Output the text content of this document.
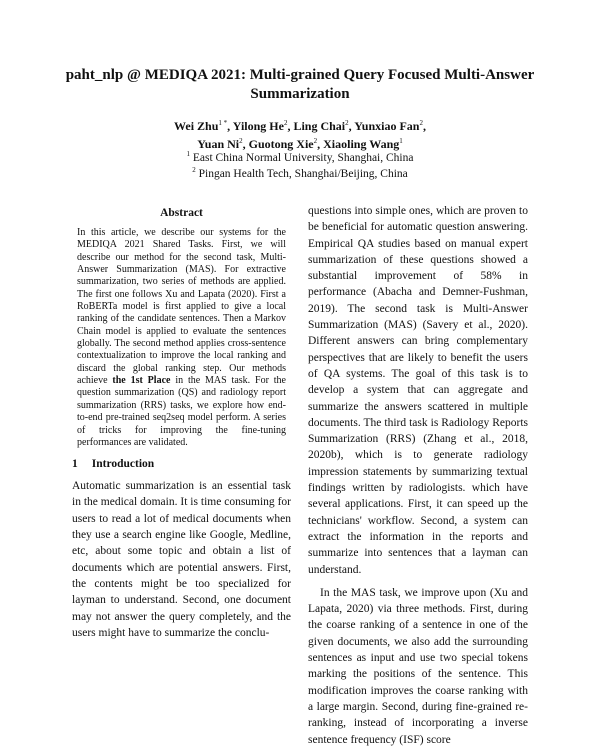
paht_nlp @ MEDIQA 2021: Multi-grained Query Focused Multi-Answer
Summarization
Wei Zhu$^{1 *}$, Yilong He$^2$, Ling Chai$^2$, Yunxiao Fan$^2$,
Yuan Ni$^2$, Guotong Xie$^2$, Xiaoling Wang$^1$
$^1$ East China Normal University, Shanghai, China
$^2$ Pingan Health Tech, Shanghai/Beijing, China
Abstract
In this article, we describe our systems for the MEDIQA 2021 Shared Tasks. First, we will describe our method for the second task, Multi-Answer Summarization (MAS). For extractive summarization, two series of methods are applied. The first one follows Xu and Lapata (2020). First a RoBERTa model is first applied to give a local ranking of the candidate sentences. Then a Markov Chain model is applied to evaluate the sentences globally. The second method applies cross-sentence contextualization to improve the local ranking and discard the global ranking step. Our methods achieve the 1st Place in the MAS task. For the question summarization (QS) and radiology report summarization (RRS) tasks, we explore how end-to-end pre-trained seq2seq model perform. A series of tricks for improving the fine-tuning performances are validated.
1 Introduction

Automatic summarization is an essential task in the medical domain. It is time consuming for users to read a lot of medical documents when they use a search engine like Google, Medline, etc, about some topic and obtain a list of documents which are potential answers. First, the contents might be too specialized for layman to understand. Second, one document may not answer the query completely, and the users might have to summarize the conclu-

questions into simple ones, which are proven to be beneficial for automatic question answering. Empirical QA studies based on manual expert summarization of these questions showed a substantial improvement of 58% in performance (Abacha and Demner-Fushman, 2019). The second task is Multi-Answer Summarization (MAS) (Savery et al., 2020). Different answers can bring complementary perspectives that are likely to benefit the users of QA systems. The goal of this task is to develop a system that can aggregate and summarize the answers scattered in multiple documents. The third task is Radiology Reports Summarization (RRS) (Zhang et al., 2018, 2020b), which is to generate radiology impression statements by summarizing textual findings written by radiologists. which have several applications. First, it can speed up the technicians' workflow. Second, a system can extract the information in the reports and summarize into sentences that a layman can understand.

In the MAS task, we improve upon (Xu and Lapata, 2020) via three methods. First, during the coarse ranking of a sentence in one of the given documents, we also add the surrounding sentences as input and use two special tokens marking the positions of the sentence. This modification improves the coarse ranking with a large margin. Second, during fine-grained re-ranking, instead of incorporating a inverse sentence frequency (ISF) score
